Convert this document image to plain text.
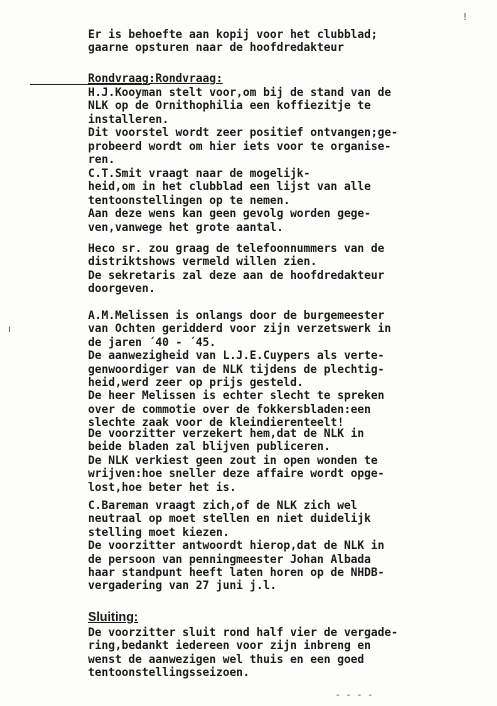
!
ı
Er is behoefte aan kopij voor het clubblad;
gaarne opsturen naar de hoofdredakteur
Rondvraag:Rondvraag:
H.J.Kooyman stelt voor,om bij de stand van de
NLK op de Ornithophilia een koffiezitje te
installeren.
Dit voorstel wordt zeer positief ontvangen;ge-
probeerd wordt om hier iets voor te organise-
ren.
C.T.Smit vraagt naar de mogelijk-
heid,om in het clubblad een lijst van alle
tentoonstellingen op te nemen.
Aan deze wens kan geen gevolg worden gege-
ven,vanwege het grote aantal.
Heco sr. zou graag de telefoonnummers van de
distriktshows vermeld willen zien.
De sekretaris zal deze aan de hoofdredakteur
doorgeven.
A.M.Melissen is onlangs door de burgemeester
van Ochten geridderd voor zijn verzetswerk in
de jaren ´40 - ´45.
De aanwezigheid van L.J.E.Cuypers als verte-
genwoordiger van de NLK tijdens de plechtig-
heid,werd zeer op prijs gesteld.
De heer Melissen is echter slecht te spreken
over de commotie over de fokkersbladen:een
slechte zaak voor de kleindierenteelt!
De voorzitter verzekert hem,dat de NLK in
beide bladen zal blijven publiceren.
De NLK verkiest geen zout in open wonden te
wrijven:hoe sneller deze affaire wordt opge-
lost,hoe beter het is.
C.Bareman vraagt zich,of de NLK zich wel
neutraal op moet stellen en niet duidelijk
stelling moet kiezen.
De voorzitter antwoordt hierop,dat de NLK in
de persoon van penningmeester Johan Albada
haar standpunt heeft laten horen op de NHDB-
vergadering van 27 juni j.l.
Sluiting:
De voorzitter sluit rond half vier de vergade-
ring,bedankt iedereen voor zijn inbreng en
wenst de aanwezigen wel thuis en een goed
tentoonstellingsseizoen.
- - - -
